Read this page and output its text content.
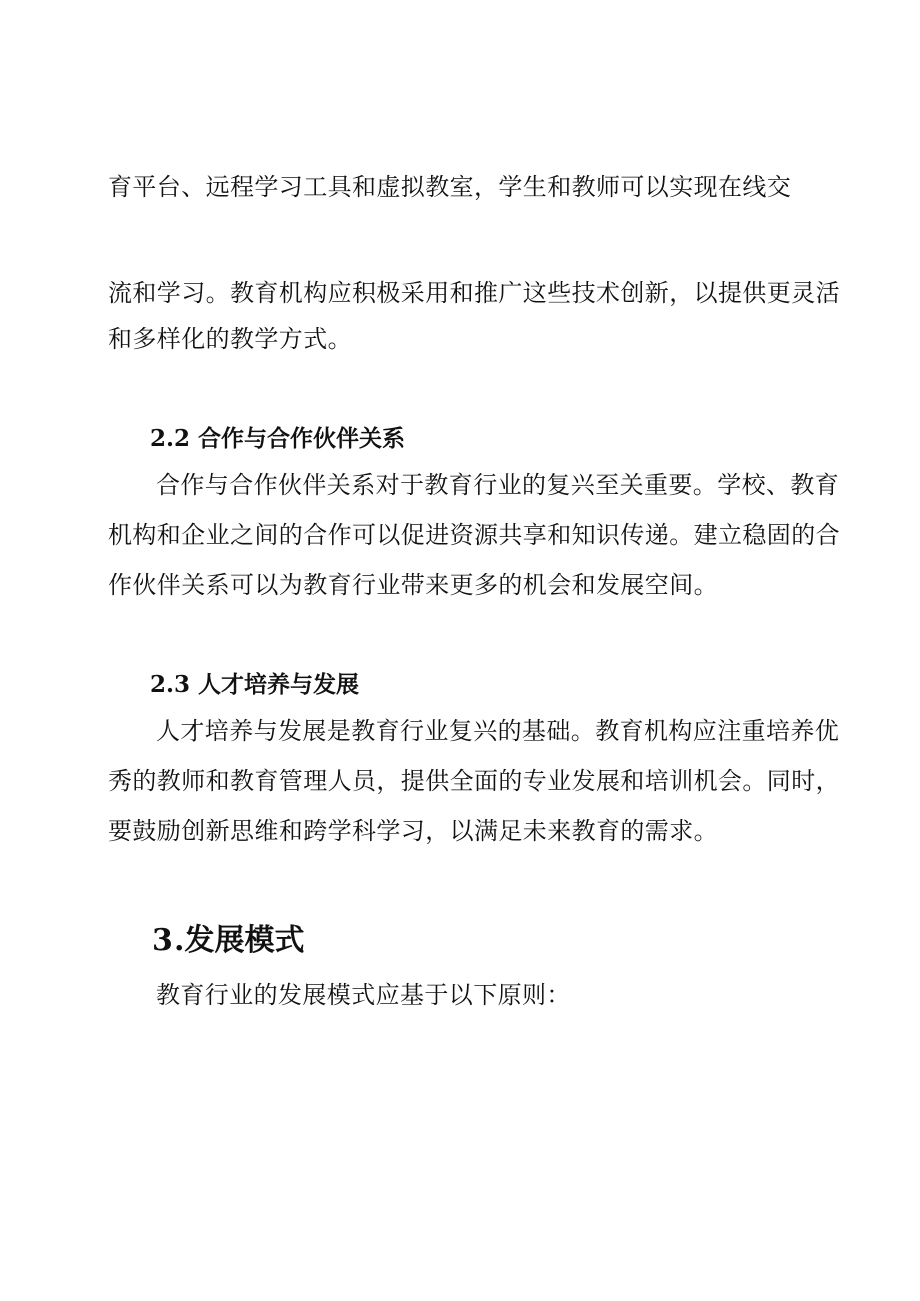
育平台、远程学习工具和虚拟教室，学生和教师可以实现在线交
流和学习。教育机构应积极采用和推广这些技术创新，以提供更灵活
和多样化的教学方式。
2.2 合作与合作伙伴关系
合作与合作伙伴关系对于教育行业的复兴至关重要。学校、教育
机构和企业之间的合作可以促进资源共享和知识传递。建立稳固的合
作伙伴关系可以为教育行业带来更多的机会和发展空间。
2.3 人才培养与发展
人才培养与发展是教育行业复兴的基础。教育机构应注重培养优
秀的教师和教育管理人员，提供全面的专业发展和培训机会。同时，
要鼓励创新思维和跨学科学习，以满足未来教育的需求。
3.发展模式
教育行业的发展模式应基于以下原则：
